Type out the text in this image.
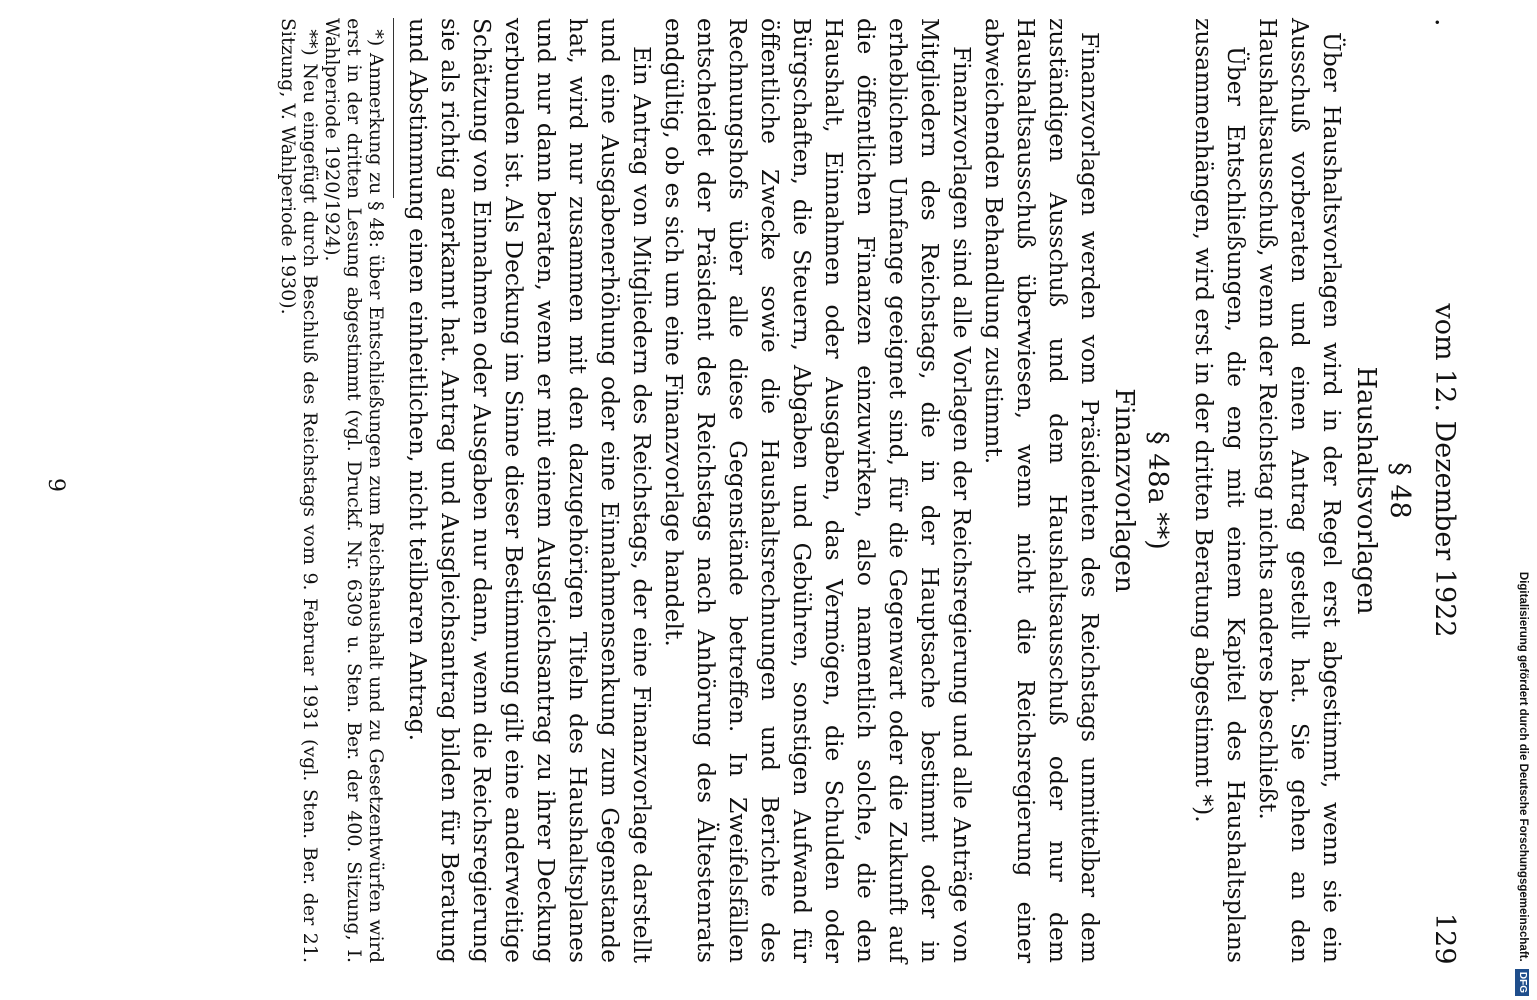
.
vom 12. Dezember 1922
129
§ 48
Haushaltsvorlagen

Über Haushaltsvorlagen wird in der Regel erst abgestimmt, wenn sie ein Ausschuß vorberaten und einen Antrag gestellt hat. Sie gehen an den Haushaltsausschuß, wenn der Reichstag nichts anderes beschließt.

Über Entschließungen, die eng mit einem Kapitel des Haushaltsplans zusammenhängen, wird erst in der dritten Beratung abgestimmt *).

§ 48a **)
Finanzvorlagen

Finanzvorlagen werden vom Präsidenten des Reichstags unmittelbar dem zuständigen Ausschuß und dem Haushaltsausschuß oder nur dem Haushaltsausschuß überwiesen, wenn nicht die Reichsregierung einer abweichenden Behandlung zustimmt.

Finanzvorlagen sind alle Vorlagen der Reichsregierung und alle Anträge von Mitgliedern des Reichstags, die in der Hauptsache bestimmt oder in erheblichem Umfange geeignet sind, für die Gegenwart oder die Zukunft auf die öffentlichen Finanzen einzuwirken, also namentlich solche, die den Haushalt, Einnahmen oder Ausgaben, das Vermögen, die Schulden oder Bürgschaften, die Steuern, Abgaben und Gebühren, sonstigen Aufwand für öffentliche Zwecke sowie die Haushaltsrechnungen und Berichte des Rechnungshofs über alle diese Gegenstände betreffen. In Zweifelsfällen entscheidet der Präsident des Reichstags nach Anhörung des Ältestenrats endgültig, ob es sich um eine Finanzvorlage handelt.

Ein Antrag von Mitgliedern des Reichstags, der eine Finanzvorlage darstellt und eine Ausgabenerhöhung oder eine Einnahmensenkung zum Gegenstande hat, wird nur zusammen mit den dazugehörigen Titeln des Haushaltsplanes und nur dann beraten, wenn er mit einem Ausgleichsantrag zu ihrer Deckung verbunden ist. Als Deckung im Sinne dieser Bestimmung gilt eine anderweitige Schätzung von Einnahmen oder Ausgaben nur dann, wenn die Reichsregierung sie als richtig anerkannt hat. Antrag und Ausgleichsantrag bilden für Beratung und Abstimmung einen einheitlichen, nicht teilbaren Antrag.

*) Anmerkung zu § 48: über Entschließungen zum Reichshaushalt und zu Gesetzentwürfen wird erst in der dritten Lesung abgestimmt (vgl. Druckf. Nr. 6309 u. Sten. Ber. der 400. Sitzung, I. Wahlperiode 1920/1924).

**) Neu eingefügt durch Beschluß des Reichstags vom 9. Februar 1931 (vgl. Sten. Ber. der 21. Sitzung, V. Wahlperiode 1930).

9
Digitalisierung gefördert durch die Deutsche Forschungsgemeinschaft. DFG
